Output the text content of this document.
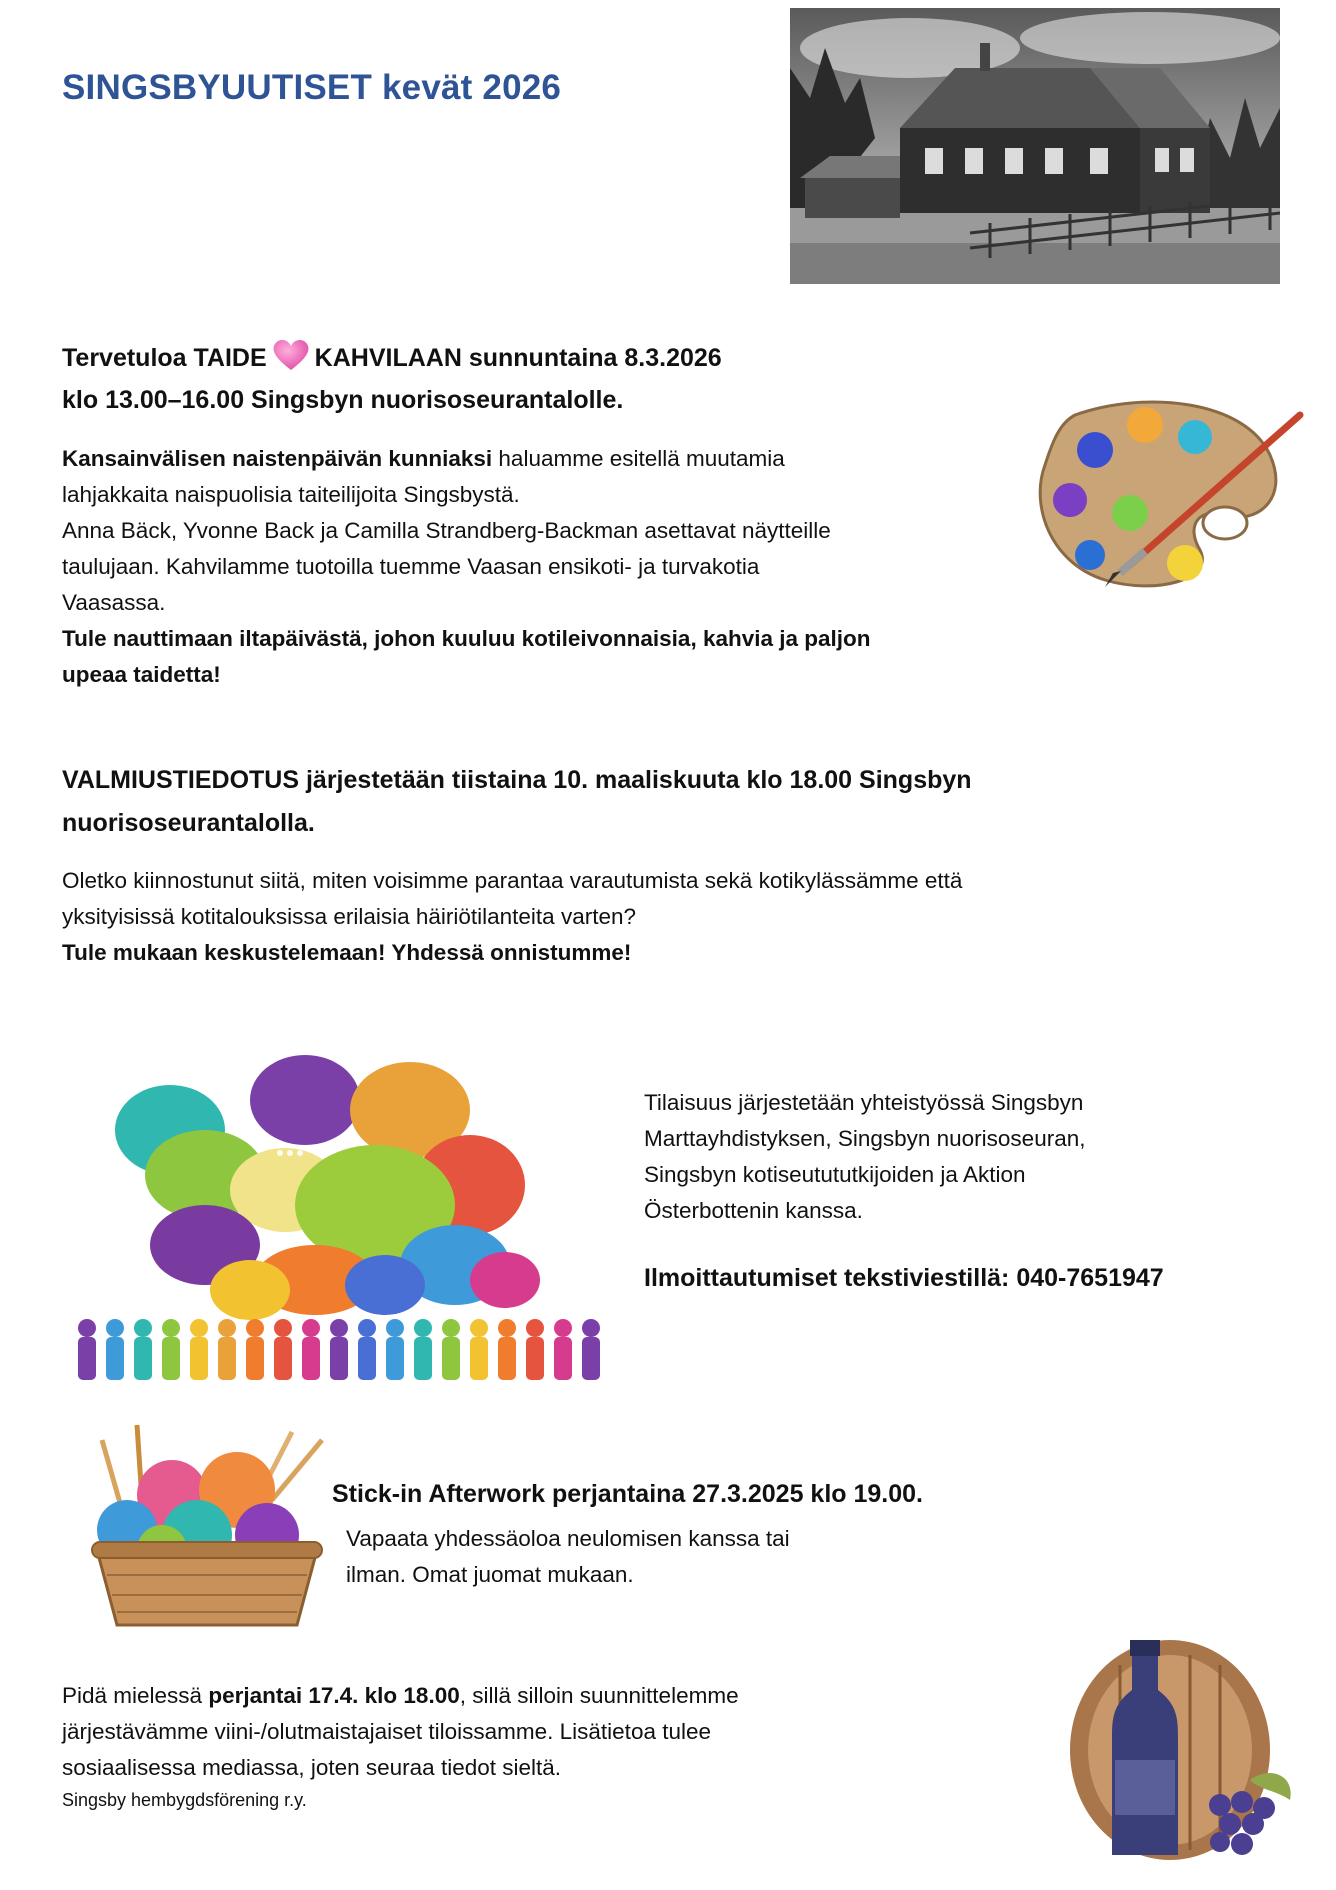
SINGSBYUUTISET kevät 2026
Tervetuloa TAIDE KAHVILAAN sunnuntaina 8.3.2026
klo 13.00–16.00 Singsbyn nuorisoseurantalolle.
Kansainvälisen naistenpäivän kunniaksi haluamme esitellä muutamia
lahjakkaita naispuolisia taiteilijoita Singsbystä.
Anna Bäck, Yvonne Back ja Camilla Strandberg-Backman asettavat näytteille
taulujaan. Kahvilamme tuotoilla tuemme Vaasan ensikoti- ja turvakotia
Vaasassa.
Tule nauttimaan iltapäivästä, johon kuuluu kotileivonnaisia, kahvia ja paljon
upeaa taidetta!
VALMIUSTIEDOTUS järjestetään tiistaina 10. maaliskuuta klo 18.00 Singsbyn
nuorisoseurantalolla.
Oletko kiinnostunut siitä, miten voisimme parantaa varautumista sekä kotikylässämme että
yksityisissä kotitalouksissa erilaisia häiriötilanteita varten?
Tule mukaan keskustelemaan! Yhdessä onnistumme!
Tilaisuus järjestetään yhteistyössä Singsbyn
Marttayhdistyksen, Singsbyn nuorisoseuran,
Singsbyn kotiseutututkijoiden ja Aktion
Österbottenin kanssa.
Ilmoittautumiset tekstiviestillä: 040-7651947
Stick-in Afterwork perjantaina 27.3.2025 klo 19.00.
Vapaata yhdessäoloa neulomisen kanssa tai
ilman. Omat juomat mukaan.
Pidä mielessä perjantai 17.4. klo 18.00, sillä silloin suunnittelemme
järjestävämme viini-/olutmaistajaiset tiloissamme. Lisätietoa tulee
sosiaalisessa mediassa, joten seuraa tiedot sieltä.
Singsby hembygdsförening r.y.
